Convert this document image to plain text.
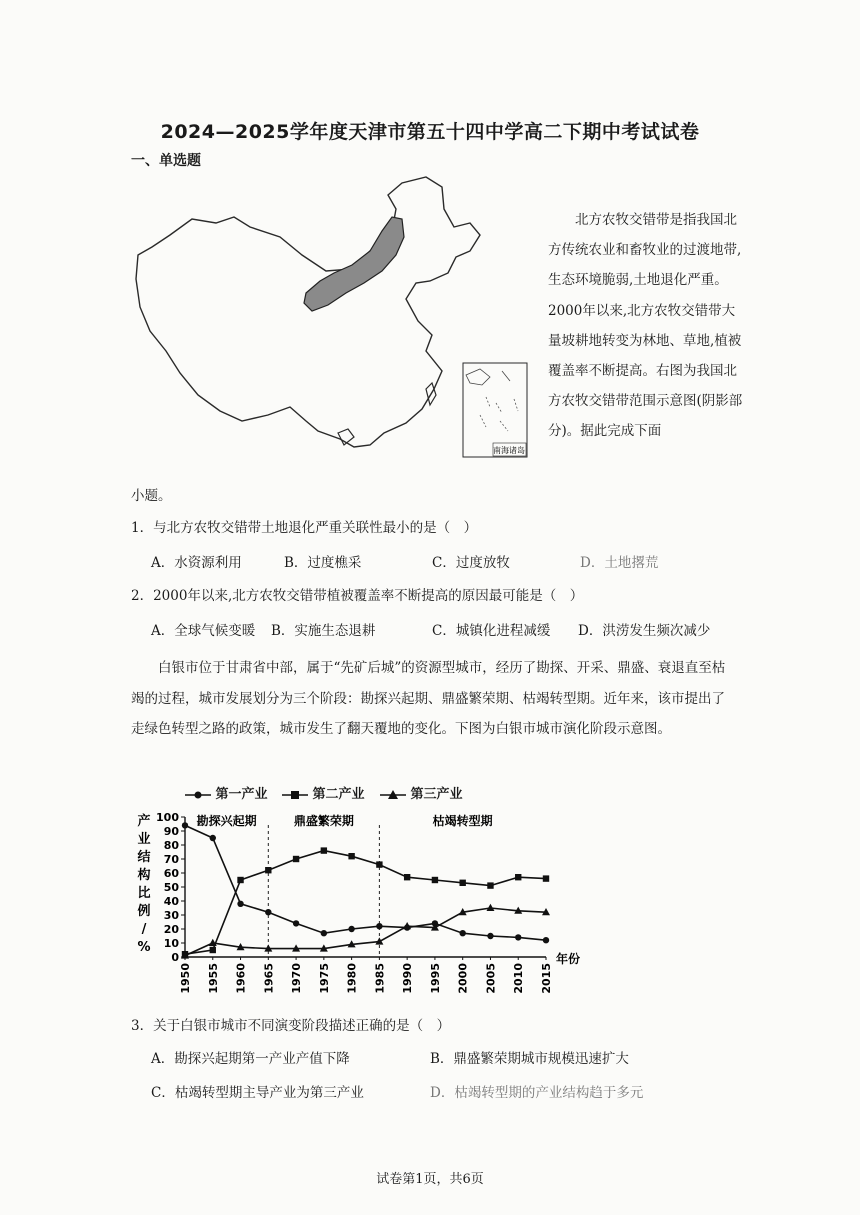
2024—2025学年度天津市第五十四中学高二下期中考试试卷
一、单选题
南海诸岛
北方农牧交错带是指我国北方传统农业和畜牧业的过渡地带,生态环境脆弱,土地退化严重。2000年以来,北方农牧交错带大量坡耕地转变为林地、草地,植被覆盖率不断提高。右图为我国北方农牧交错带范围示意图(阴影部分)。据此完成下面
小题。
1．与北方农牧交错带土地退化严重关联性最小的是（　）
A．水资源利用	B．过度樵采	C．过度放牧	D．土地撂荒
2．2000年以来,北方农牧交错带植被覆盖率不断提高的原因最可能是（　）
A．全球气候变暖 B．实施生态退耕	C．城镇化进程减缓 D．洪涝发生频次减少
白银市位于甘肃省中部，属于“先矿后城”的资源型城市，经历了勘探、开采、鼎盛、衰退直至枯竭的过程，城市发展划分为三个阶段：勘探兴起期、鼎盛繁荣期、枯竭转型期。近年来，该市提出了走绿色转型之路的政策，城市发生了翻天覆地的变化。下图为白银市城市演化阶段示意图。
第一产业	第二产业	第三产业
0
10
20
30
40
50
60
70
80
90
100
产
业
结
构
比
例
/
%
1950 1955 1960 1965 1970 1975 1980 1985 1990 1995 2000 2005 2010 2015
年份
勘探兴起期	鼎盛繁荣期	枯竭转型期
3．关于白银市城市不同演变阶段描述正确的是（　）
A．勘探兴起期第一产业产值下降	B．鼎盛繁荣期城市规模迅速扩大
C．枯竭转型期主导产业为第三产业	D．枯竭转型期的产业结构趋于多元
试卷第1页，共6页
